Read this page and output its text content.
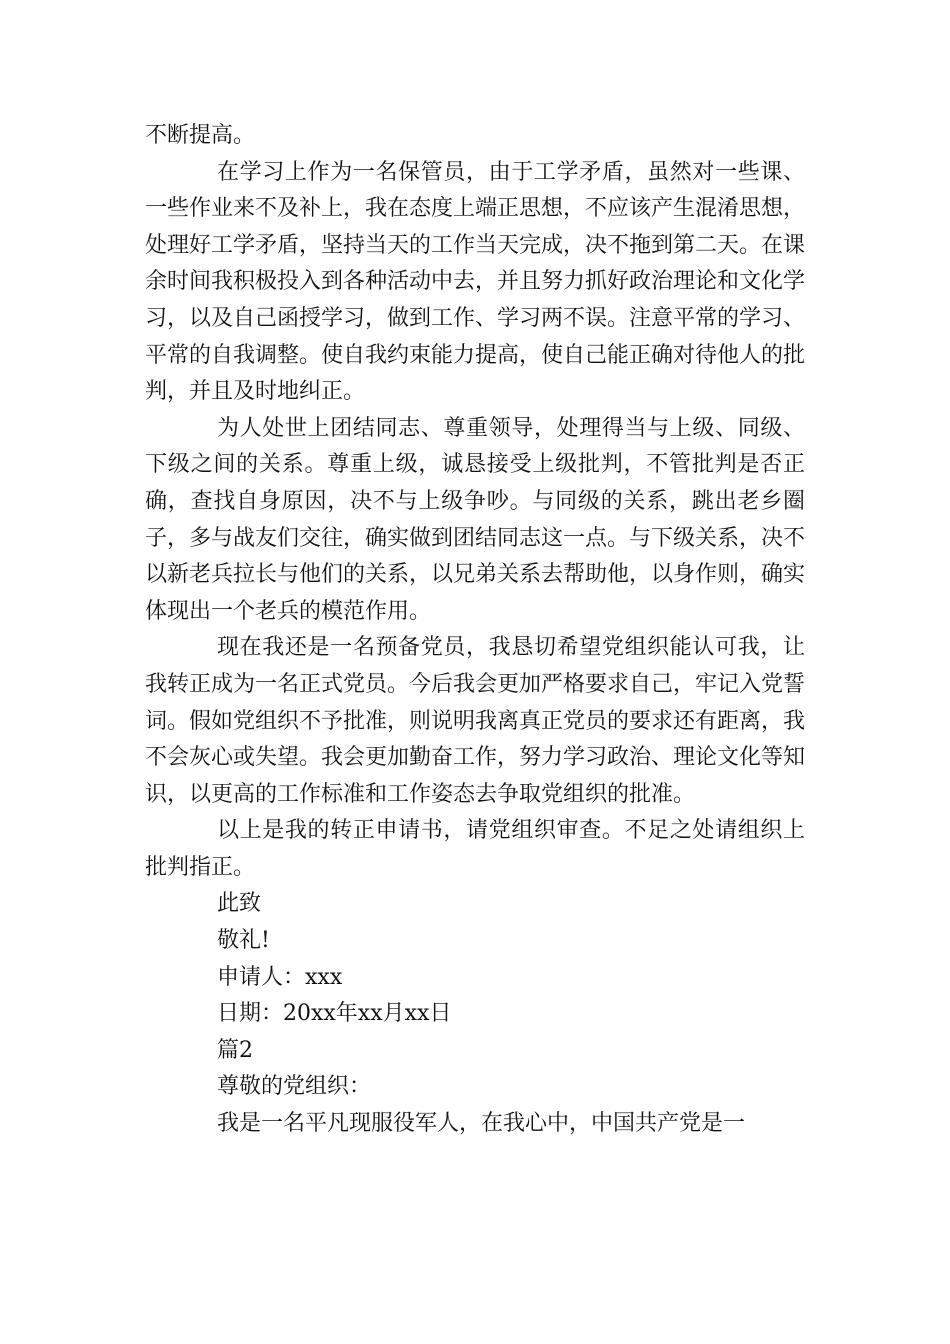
不断提高。

在学习上作为一名保管员，由于工学矛盾，虽然对一些课、一些作业来不及补上，我在态度上端正思想，不应该产生混淆思想，处理好工学矛盾，坚持当天的工作当天完成，决不拖到第二天。在课余时间我积极投入到各种活动中去，并且努力抓好政治理论和文化学习，以及自己函授学习，做到工作、学习两不误。注意平常的学习、平常的自我调整。使自我约束能力提高，使自己能正确对待他人的批判，并且及时地纠正。

为人处世上团结同志、尊重领导，处理得当与上级、同级、下级之间的关系。尊重上级，诚恳接受上级批判，不管批判是否正确，查找自身原因，决不与上级争吵。与同级的关系，跳出老乡圈子，多与战友们交往，确实做到团结同志这一点。与下级关系，决不以新老兵拉长与他们的关系，以兄弟关系去帮助他，以身作则，确实体现出一个老兵的模范作用。

现在我还是一名预备党员，我恳切希望党组织能认可我，让我转正成为一名正式党员。今后我会更加严格要求自己，牢记入党誓词。假如党组织不予批准，则说明我离真正党员的要求还有距离，我不会灰心或失望。我会更加勤奋工作，努力学习政治、理论文化等知识，以更高的工作标准和工作姿态去争取党组织的批准。

以上是我的转正申请书，请党组织审查。不足之处请组织上批判指正。

此致

敬礼!

申请人：xxx

日期：20xx年xx月xx日

篇2

尊敬的党组织：

我是一名平凡现服役军人，在我心中，中国共产党是一
